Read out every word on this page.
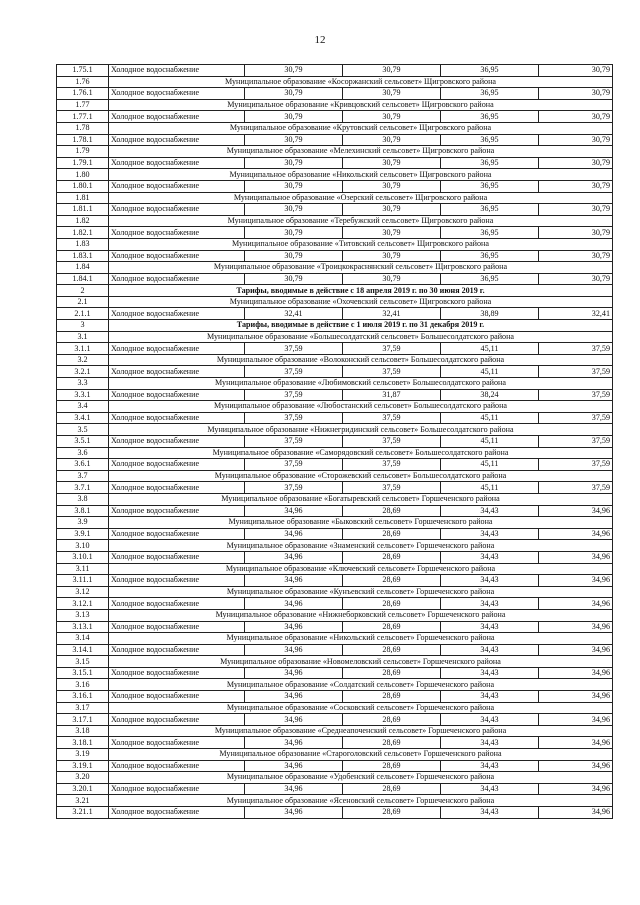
12
1.75.1	Холодное водоснабжение	30,79	30,79	36,95	30,79
1.76	Муниципальное образование «Косоржанский сельсовет» Щигровского района				
1.76.1	Холодное водоснабжение	30,79	30,79	36,95	30,79
1.77	Муниципальное образование «Кривцовский сельсовет» Щигровского района				
1.77.1	Холодное водоснабжение	30,79	30,79	36,95	30,79
1.78	Муниципальное образование «Крутовский сельсовет» Щигровского района				
1.78.1	Холодное водоснабжение	30,79	30,79	36,95	30,79
1.79	Муниципальное образование «Мелехинский сельсовет» Щигровского района				
1.79.1	Холодное водоснабжение	30,79	30,79	36,95	30,79
1.80	Муниципальное образование «Никольский сельсовет» Щигровского района				
1.80.1	Холодное водоснабжение	30,79	30,79	36,95	30,79
1.81	Муниципальное образование «Озерский сельсовет» Щигровского района				
1.81.1	Холодное водоснабжение	30,79	30,79	36,95	30,79
1.82	Муниципальное образование «Теребужский сельсовет» Щигровского района				
1.82.1	Холодное водоснабжение	30,79	30,79	36,95	30,79
1.83	Муниципальное образование «Титовский сельсовет» Щигровского района				
1.83.1	Холодное водоснабжение	30,79	30,79	36,95	30,79
1.84	Муниципальное образование «Троицкокраснянский сельсовет» Щигровского района				
1.84.1	Холодное водоснабжение	30,79	30,79	36,95	30,79
2	Тарифы, вводимые в действие с 18 апреля 2019 г. по 30 июня 2019 г.				
2.1	Муниципальное образование «Охочевский сельсовет» Щигровского района				
2.1.1	Холодное водоснабжение	32,41	32,41	38,89	32,41
3	Тарифы, вводимые в действие с 1 июля 2019 г. по 31 декабря 2019 г.				
3.1	Муниципальное образование «Большесолдатский сельсовет» Большесолдатского района				
3.1.1	Холодное водоснабжение	37,59	37,59	45,11	37,59
3.2	Муниципальное образование «Волоконский сельсовет» Большесолдатского района				
3.2.1	Холодное водоснабжение	37,59	37,59	45,11	37,59
3.3	Муниципальное образование «Любимовский сельсовет» Большесолдатского района				
3.3.1	Холодное водоснабжение	37,59	31,87	38,24	37,59
3.4	Муниципальное образование «Любостанский сельсовет» Большесолдатского района				
3.4.1	Холодное водоснабжение	37,59	37,59	45,11	37,59
3.5	Муниципальное образование «Нижнегридинский сельсовет» Большесолдатского района				
3.5.1	Холодное водоснабжение	37,59	37,59	45,11	37,59
3.6	Муниципальное образование «Саморядовский сельсовет» Большесолдатского района				
3.6.1	Холодное водоснабжение	37,59	37,59	45,11	37,59
3.7	Муниципальное образование «Сторожевский сельсовет» Большесолдатского района				
3.7.1	Холодное водоснабжение	37,59	37,59	45,11	37,59
3.8	Муниципальное образование «Богатыревский сельсовет» Горшеченского района				
3.8.1	Холодное водоснабжение	34,96	28,69	34,43	34,96
3.9	Муниципальное образование «Быковский сельсовет» Горшеченского района				
3.9.1	Холодное водоснабжение	34,96	28,69	34,43	34,96
3.10	Муниципальное образование «Знаменский сельсовет» Горшеченского района				
3.10.1	Холодное водоснабжение	34,96	28,69	34,43	34,96
3.11	Муниципальное образование «Ключевский сельсовет» Горшеченского района				
3.11.1	Холодное водоснабжение	34,96	28,69	34,43	34,96
3.12	Муниципальное образование «Кунъевский сельсовет» Горшеченского района				
3.12.1	Холодное водоснабжение	34,96	28,69	34,43	34,96
3.13	Муниципальное образование «Нижнеборковский сельсовет» Горшеченского района				
3.13.1	Холодное водоснабжение	34,96	28,69	34,43	34,96
3.14	Муниципальное образование «Никольский сельсовет» Горшеченского района				
3.14.1	Холодное водоснабжение	34,96	28,69	34,43	34,96
3.15	Муниципальное образование «Новомеловский сельсовет» Горшеченского района				
3.15.1	Холодное водоснабжение	34,96	28,69	34,43	34,96
3.16	Муниципальное образование «Солдатский сельсовет» Горшеченского района				
3.16.1	Холодное водоснабжение	34,96	28,69	34,43	34,96
3.17	Муниципальное образование «Сосковский сельсовет» Горшеченского района				
3.17.1	Холодное водоснабжение	34,96	28,69	34,43	34,96
3.18	Муниципальное образование «Среднеапоченский сельсовет» Горшеченского района				
3.18.1	Холодное водоснабжение	34,96	28,69	34,43	34,96
3.19	Муниципальное образование «Староголовский сельсовет» Горшеченского района				
3.19.1	Холодное водоснабжение	34,96	28,69	34,43	34,96
3.20	Муниципальное образование «Удобенский сельсовет» Горшеченского района				
3.20.1	Холодное водоснабжение	34,96	28,69	34,43	34,96
3.21	Муниципальное образование «Ясеновский сельсовет» Горшеченского района				
3.21.1	Холодное водоснабжение	34,96	28,69	34,43	34,96
